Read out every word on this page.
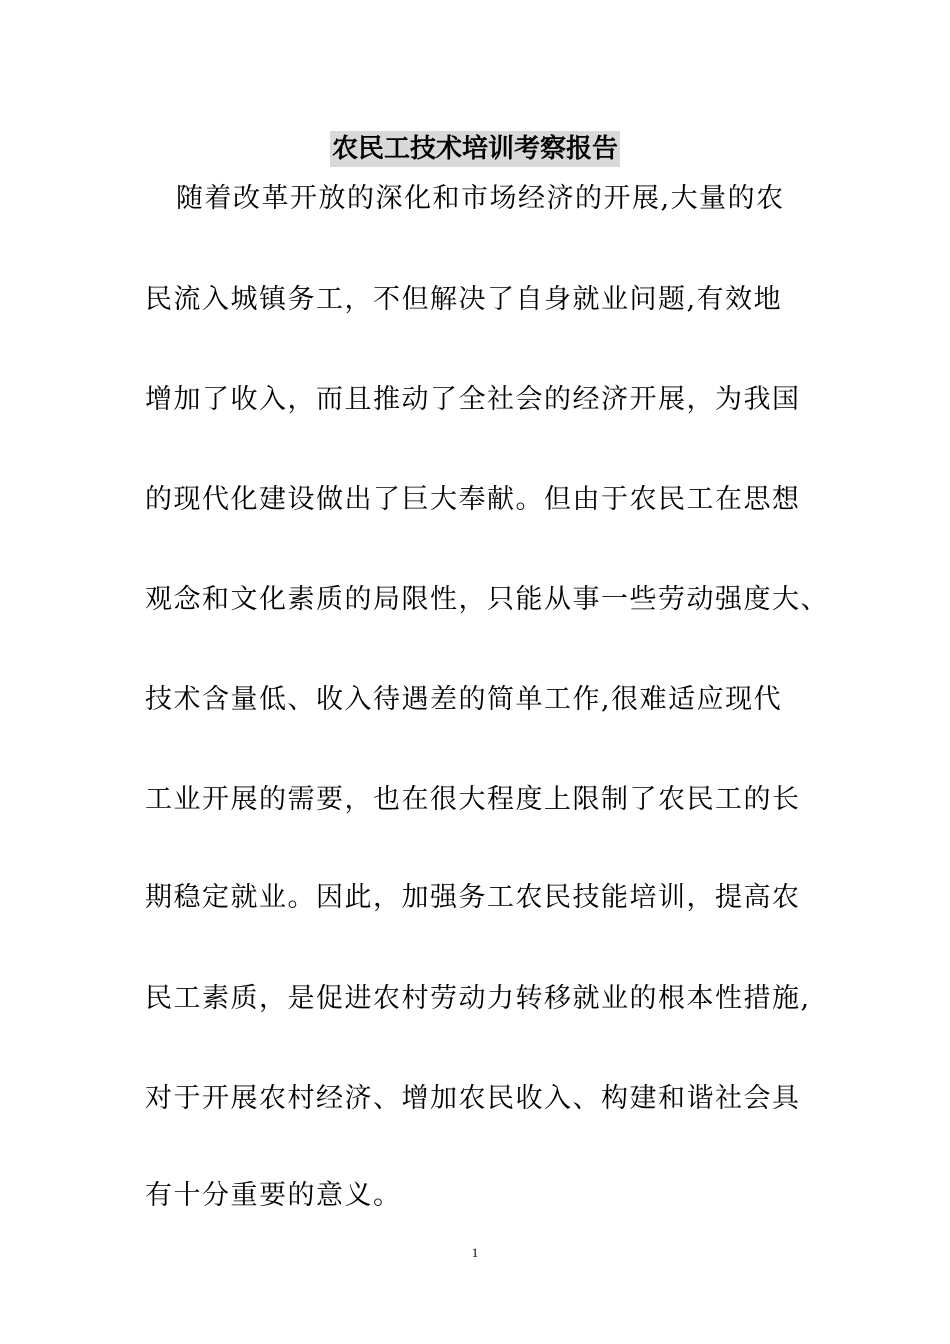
农民工技术培训考察报告
随着改革开放的深化和市场经济的开展,大量的农
民流入城镇务工，不但解决了自身就业问题,有效地
增加了收入，而且推动了全社会的经济开展，为我国
的现代化建设做出了巨大奉献。但由于农民工在思想
观念和文化素质的局限性，只能从事一些劳动强度大、
技术含量低、收入待遇差的简单工作,很难适应现代
工业开展的需要，也在很大程度上限制了农民工的长
期稳定就业。因此，加强务工农民技能培训，提高农
民工素质，是促进农村劳动力转移就业的根本性措施,
对于开展农村经济、增加农民收入、构建和谐社会具
有十分重要的意义。
1
